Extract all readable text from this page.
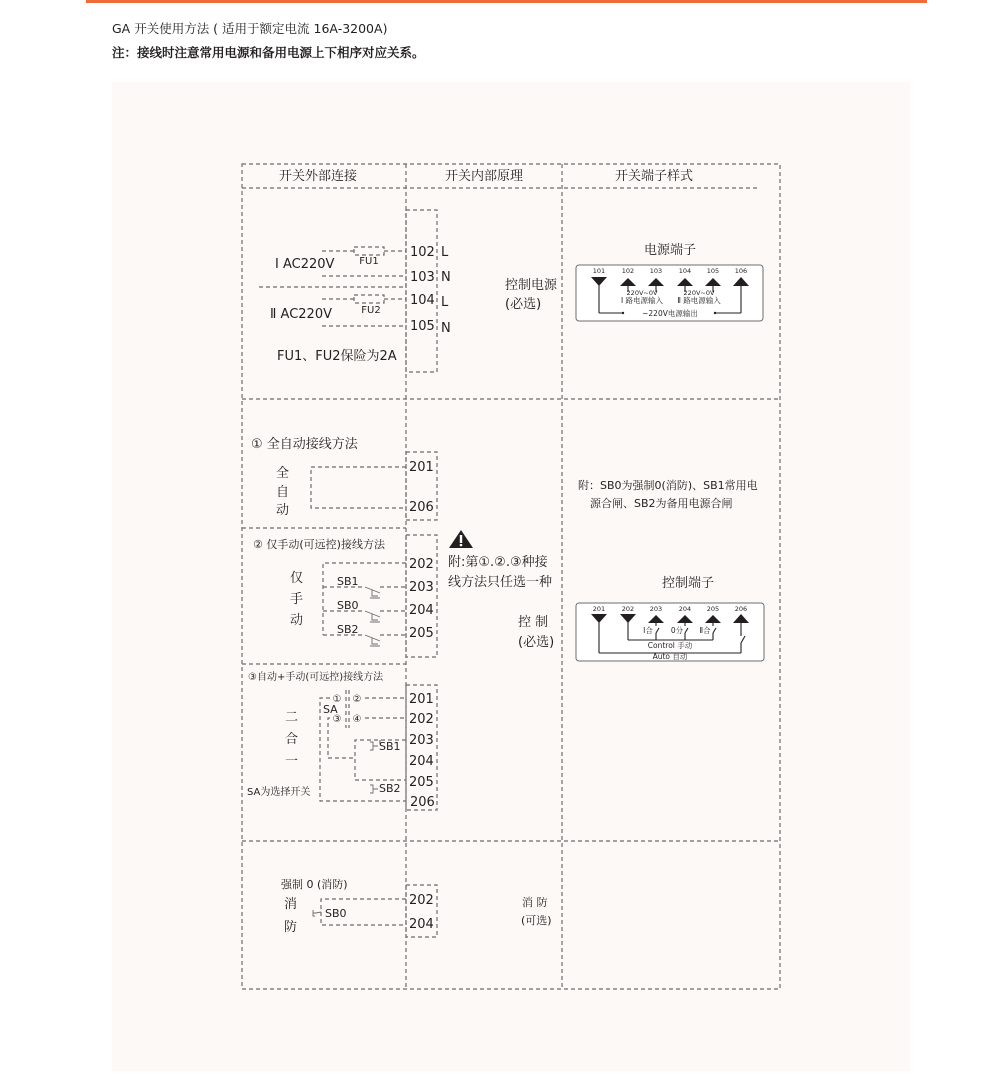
GA 开关使用方法 ( 适用于额定电流 16A-3200A)
注：接线时注意常用电源和备用电源上下相序对应关系。
开关外部连接	开关内部原理	开关端子样式
FU1
FU2
Ⅰ AC220V
Ⅱ AC220V
102 L
103 N
104 L
105 N
FU1、FU2保险为2A
控制电源
(必选)
电源端子
101	102 103	104 105 106
220V~0V	220V~0V
Ⅰ 路电源输入 Ⅱ 路电源输入
~220V电源输出
① 全自动接线方法
全
自
动
201
206
② 仅手动(可远控)接线方法
仅
手
动
SB1
SB0
SB2
202
203
204
205
③自动+手动(可远控)接线方法
二
合
一
SA为选择开关
① ②
③ ④
SA
SB1
SB2
201
202
203
204
205
206
附:第①.②.③种接
线方法只任选一种
控 制
(必选)
附：SB0为强制0(消防)、SB1常用电
源合闸、SB2为备用电源合闸
控制端子
201	202 203	204 205 206
Ⅰ合 0分 Ⅱ合
Control 手动
Auto 自动
强制 0 (消防)
消
防
SB0
202
204
消 防
(可选)
